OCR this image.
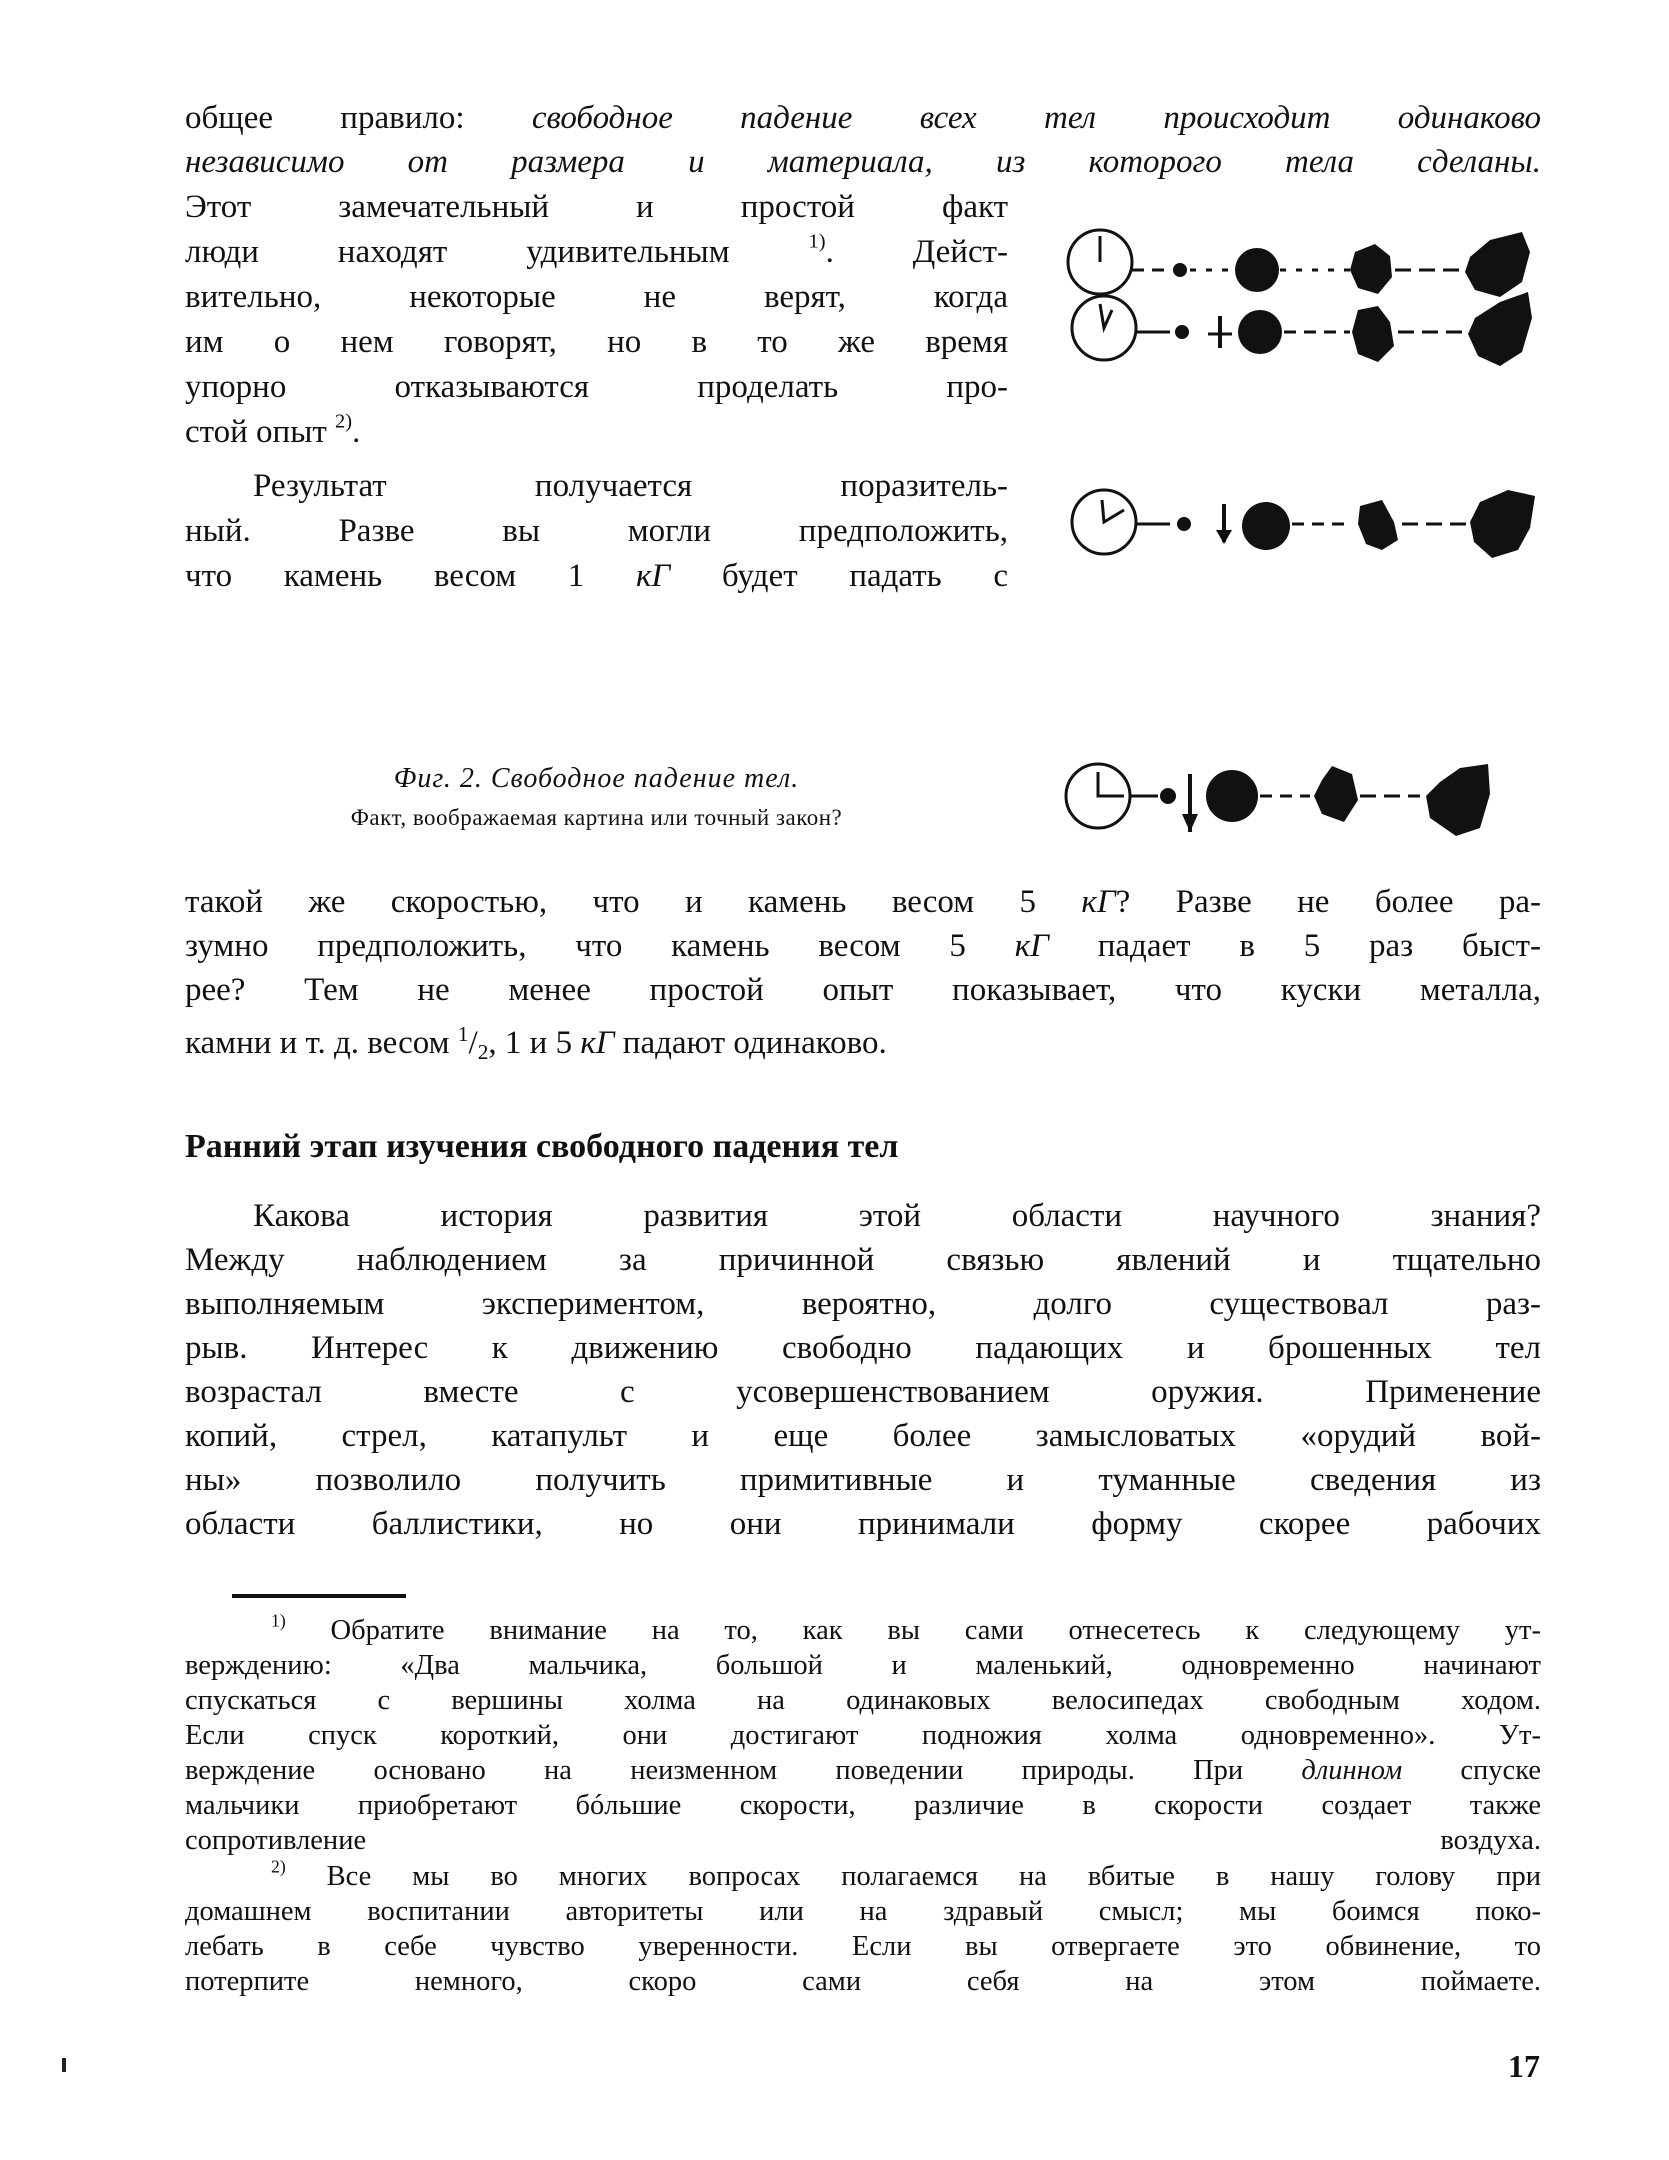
общее правило: свободное падение всех тел происходит одинаково
независимо от размера и материала, из которого тела сделаны.
Этот замечательный и простой факт
люди находят удивительным	$^{1)}$. Дейст-
вительно, некоторые не верят, когда
им о нем говорят, но в то же время
упорно отказываются проделать про-
стой опыт $^{2)}$.
Результат получается поразитель-
ный. Разве вы могли предположить,
что камень весом 1 кГ будет падать с
Фиг. 2. Свободное падение тел.
Факт, воображаемая картина или точный закон?
такой же скоростью, что и камень весом 5 кГ? Разве не более ра-
зумно предположить, что камень весом 5 кГ падает в 5 раз быст-
рее? Тем не менее простой опыт показывает, что куски металла,
камни и т. д. весом $^1$/2, 1 и 5 кГ падают одинаково.
Ранний этап изучения свободного падения тел
Какова история развития этой области научного знания?
Между наблюдением за причинной связью явлений и тщательно
выполняемым экспериментом, вероятно, долго существовал раз-
рыв. Интерес к движению свободно падающих и брошенных тел
возрастал вместе с усовершенствованием оружия. Применение
копий, стрел, катапульт и еще более замысловатых «орудий вой-
ны» позволило получить примитивные и туманные сведения из
области баллистики, но они принимали форму скорее рабочих
$^{1)}$ Обратите внимание на то, как вы сами отнесетесь к следующему ут-
верждению: «Два мальчика, большой и маленький, одновременно начинают
спускаться с вершины холма на одинаковых велосипедах свободным ходом.
Если спуск короткий, они достигают подножия холма одновременно». Ут-
верждение основано на неизменном поведении природы. При длинном спуске
мальчики приобретают бóльшие скорости, различие в скорости создает также
сопротивление воздуха.
$^{2)}$ Все мы во многих вопросах полагаемся на вбитые в нашу голову при
домашнем воспитании авторитеты или на здравый смысл; мы боимся поко-
лебать в себе чувство уверенности. Если вы отвергаете это обвинение, то
потерпите немного, скоро сами себя на этом поймаете.
17
